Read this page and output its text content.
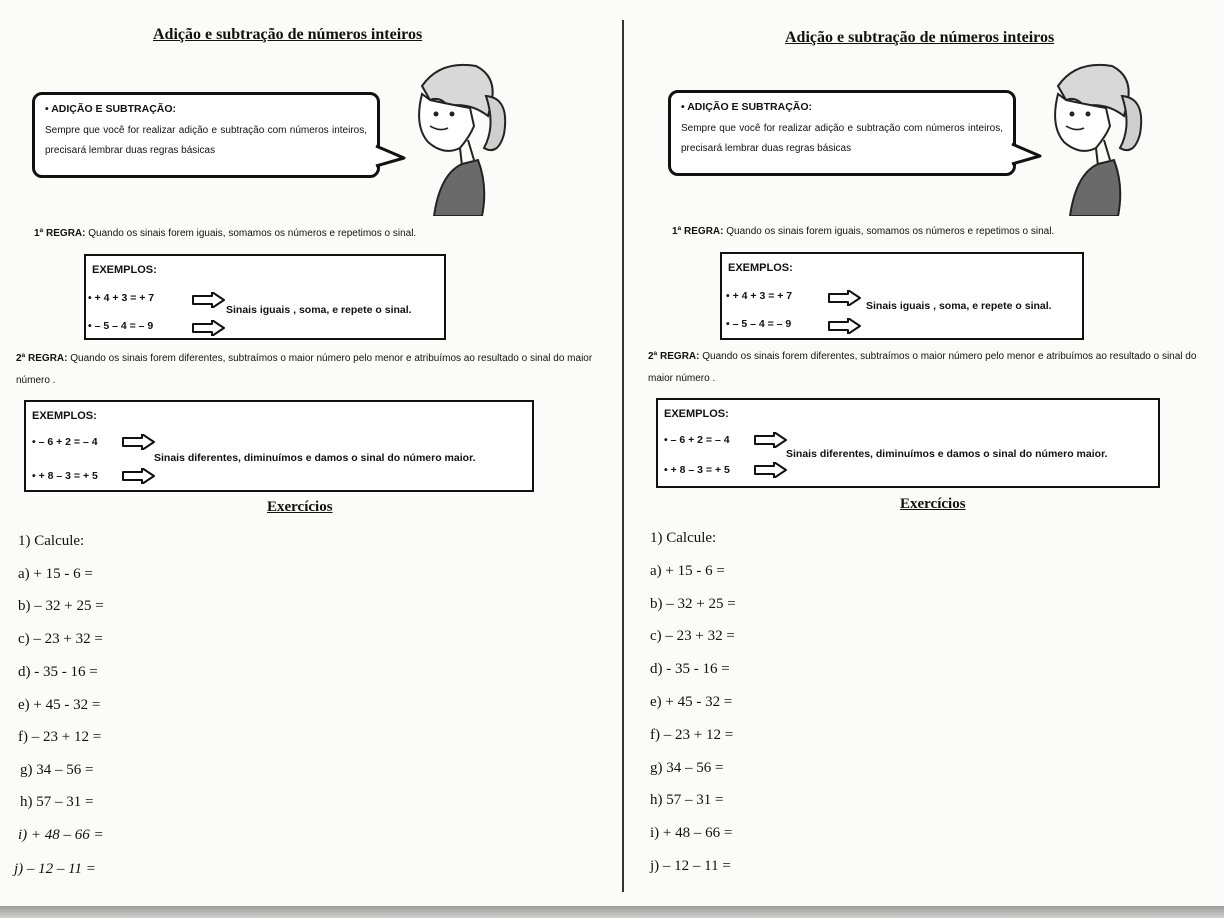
Adição e subtração de números inteiros
• ADIÇÃO E SUBTRAÇÃO:
Sempre que você for realizar adição e subtração com números inteiros, precisará lembrar duas regras básicas
1ª REGRA: Quando os sinais forem iguais, somamos os números e repetimos o sinal.
EXEMPLOS:
• + 4 + 3 = + 7
• – 5 – 4 = – 9
Sinais iguais , soma, e repete o sinal.
2ª REGRA: Quando os sinais forem diferentes, subtraímos o maior número pelo menor e atribuímos ao resultado o sinal do maior número .
EXEMPLOS:
• – 6 + 2 = – 4
• + 8 – 3 = + 5
Sinais diferentes, diminuímos e damos o sinal do número maior.
Exercícios
1) Calcule:
a) + 15 - 6 =
b) – 32 + 25 =
c) – 23 + 32 =
d) - 35 - 16 =
e) + 45 - 32 =
f) – 23 + 12 =
g) 34 – 56 =
h) 57 – 31 =
i) + 48 – 66 =
j) – 12 – 11 =
Adição e subtração de números inteiros
• ADIÇÃO E SUBTRAÇÃO:
Sempre que você for realizar adição e subtração com números inteiros, precisará lembrar duas regras básicas
1ª REGRA: Quando os sinais forem iguais, somamos os números e repetimos o sinal.
EXEMPLOS:
• + 4 + 3 = + 7
• – 5 – 4 = – 9
Sinais iguais , soma, e repete o sinal.
2ª REGRA: Quando os sinais forem diferentes, subtraímos o maior número pelo menor e atribuímos ao resultado o sinal do maior número .
EXEMPLOS:
• – 6 + 2 = – 4
• + 8 – 3 = + 5
Sinais diferentes, diminuímos e damos o sinal do número maior.
Exercícios
1) Calcule:
a) + 15 - 6 =
b) – 32 + 25 =
c) – 23 + 32 =
d) - 35 - 16 =
e) + 45 - 32 =
f) – 23 + 12 =
g) 34 – 56 =
h) 57 – 31 =
i) + 48 – 66 =
j) – 12 – 11 =
